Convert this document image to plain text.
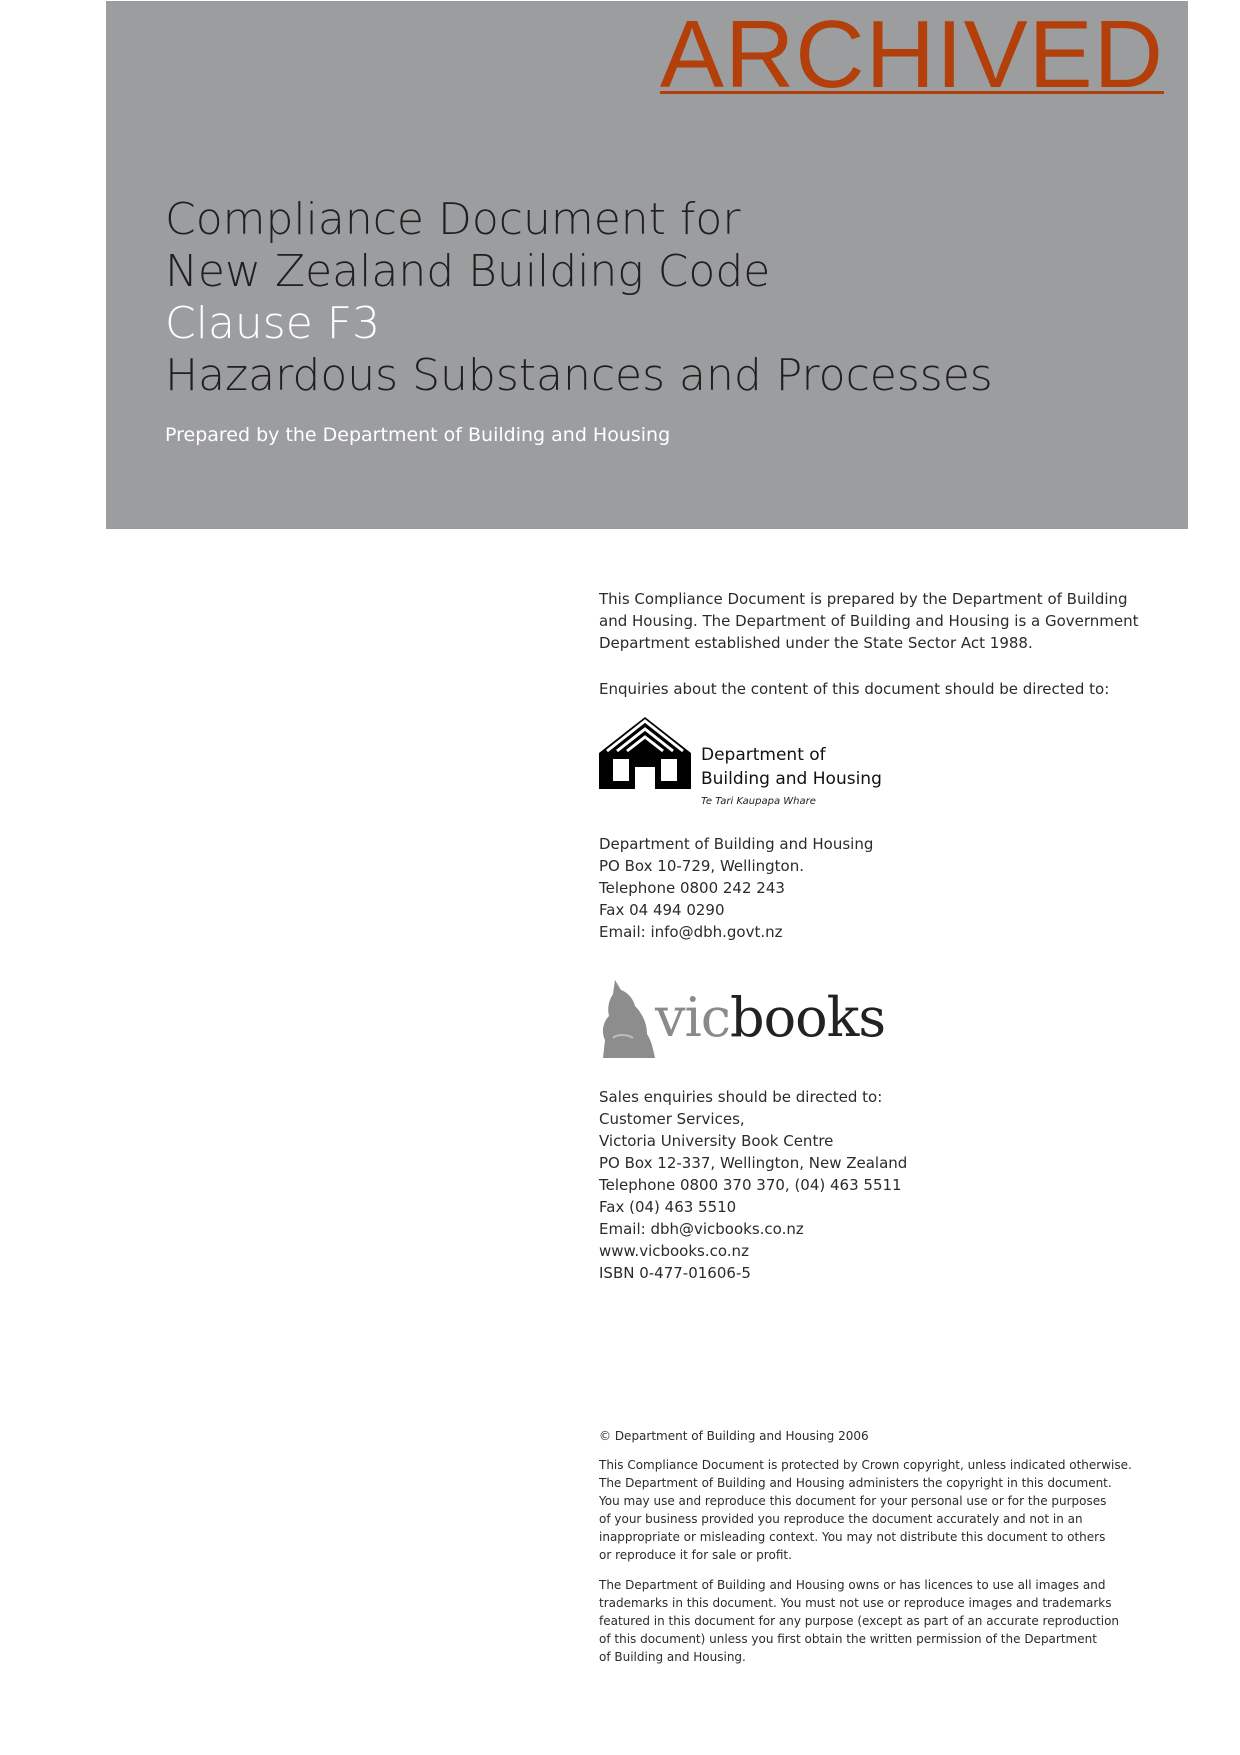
ARCHIVED
Compliance Document for
New Zealand Building Code
Clause F3
Hazardous Substances and Processes
Prepared by the Department of Building and Housing
This Compliance Document is prepared by the Department of Building
and Housing. The Department of Building and Housing is a Government
Department established under the State Sector Act 1988.
Enquiries about the content of this document should be directed to:
Department of
Building and Housing
Te Tari Kaupapa Whare
Department of Building and Housing
PO Box 10-729, Wellington.
Telephone 0800 242 243
Fax 04 494 0290
Email: info@dbh.govt.nz
vicbooks
Sales enquiries should be directed to:
Customer Services,
Victoria University Book Centre
PO Box 12-337, Wellington, New Zealand
Telephone 0800 370 370, (04) 463 5511
Fax (04) 463 5510
Email: dbh@vicbooks.co.nz
www.vicbooks.co.nz
ISBN 0-477-01606-5
© Department of Building and Housing 2006
This Compliance Document is protected by Crown copyright, unless indicated otherwise.
The Department of Building and Housing administers the copyright in this document.
You may use and reproduce this document for your personal use or for the purposes
of your business provided you reproduce the document accurately and not in an
inappropriate or misleading context. You may not distribute this document to others
or reproduce it for sale or profit.
The Department of Building and Housing owns or has licences to use all images and
trademarks in this document. You must not use or reproduce images and trademarks
featured in this document for any purpose (except as part of an accurate reproduction
of this document) unless you first obtain the written permission of the Department
of Building and Housing.
